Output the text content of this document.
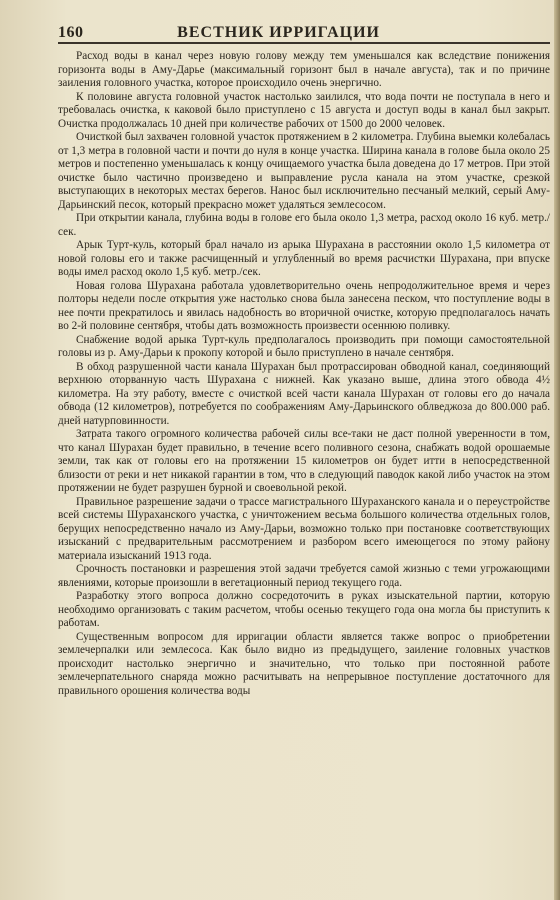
160	ВЕСТНИК ИРРИГАЦИИ

Расход воды в канал через новую голову между тем уменьшался как вследствие понижения горизонта воды в Аму-Дарье (максимальный горизонт был в начале августа), так и по причине заиления головного участка, которое происходило очень энергично.

К половине августа головной участок настолько заилился, что вода почти не поступала в него и требовалась очистка, к каковой было приступлено с 15 августа и доступ воды в канал был закрыт. Очистка продолжалась 10 дней при количестве рабочих от 1500 до 2000 человек.

Очисткой был захвачен головной участок протяжением в 2 километра. Глубина выемки колебалась от 1,3 метра в головной части и почти до нуля в конце участка. Ширина канала в голове была около 25 метров и постепенно уменьшалась к концу очищаемого участка была доведена до 17 метров. При этой очистке было частично произведено и выправление русла канала на этом участке, срезкой выступающих в некоторых местах берегов. Нанос был исключительно песчаный мелкий, серый Аму-Дарьинский песок, который прекрасно может удаляться землесосом.

При открытии канала, глубина воды в голове его была около 1,3 метра, расход около 16 куб. метр./сек.

Арык Турт-куль, который брал начало из арыка Шурахана в расстоянии около 1,5 километра от новой головы его и также расчищенный и углубленный во время расчистки Шурахана, при впуске воды имел расход около 1,5 куб. метр./сек.

Новая голова Шурахана работала удовлетворительно очень непродолжительное время и через полторы недели после открытия уже настолько снова была занесена песком, что поступление воды в нее почти прекратилось и явилась надобность во вторичной очистке, которую предполагалось начать во 2-й половине сентября, чтобы дать возможность произвести осеннюю поливку.

Снабжение водой арыка Турт-куль предполагалось производить при помощи самостоятельной головы из р. Аму-Дарьи к прокопу которой и было приступлено в начале сентября.

В обход разрушенной части канала Шурахан был протрассирован обводной канал, соединяющий верхнюю оторванную часть Шурахана с нижней. Как указано выше, длина этого обвода 4½ километра. На эту работу, вместе с очисткой всей части канала Шурахан от головы его до начала обвода (12 километров), потребуется по соображениям Аму-Дарьинского облведжоза до 800.000 раб. дней натурповинности.

Затрата такого огромного количества рабочей силы все-таки не даст полной уверенности в том, что канал Шурахан будет правильно, в течение всего поливного сезона, снабжать водой орошаемые земли, так как от головы его на протяжении 15 километров он будет итти в непосредственной близости от реки и нет никакой гарантии в том, что в следующий паводок какой либо участок на этом протяжении не будет разрушен бурной и своевольной рекой.

Правильное разрешение задачи о трассе магистрального Шураханского канала и о переустройстве всей системы Шураханского участка, с уничтожением весьма большого количества отдельных голов, берущих непосредственно начало из Аму-Дарьи, возможно только при постановке соответствующих изысканий с предварительным рассмотрением и разбором всего имеющегося по этому району материала изысканий 1913 года.

Срочность постановки и разрешения этой задачи требуется самой жизнью с теми угрожающими явлениями, которые произошли в вегетационный период текущего года.

Разработку этого вопроса должно сосредоточить в руках изыскательной партии, которую необходимо организовать с таким расчетом, чтобы осенью текущего года она могла бы приступить к работам.

Существенным вопросом для ирригации области является также вопрос о приобретении землечерпалки или землесоса. Как было видно из предыдущего, заиление головных участков происходит настолько энергично и значительно, что только при постоянной работе землечерпательного снаряда можно расчитывать на непрерывное поступление достаточного для правильного орошения количества воды
